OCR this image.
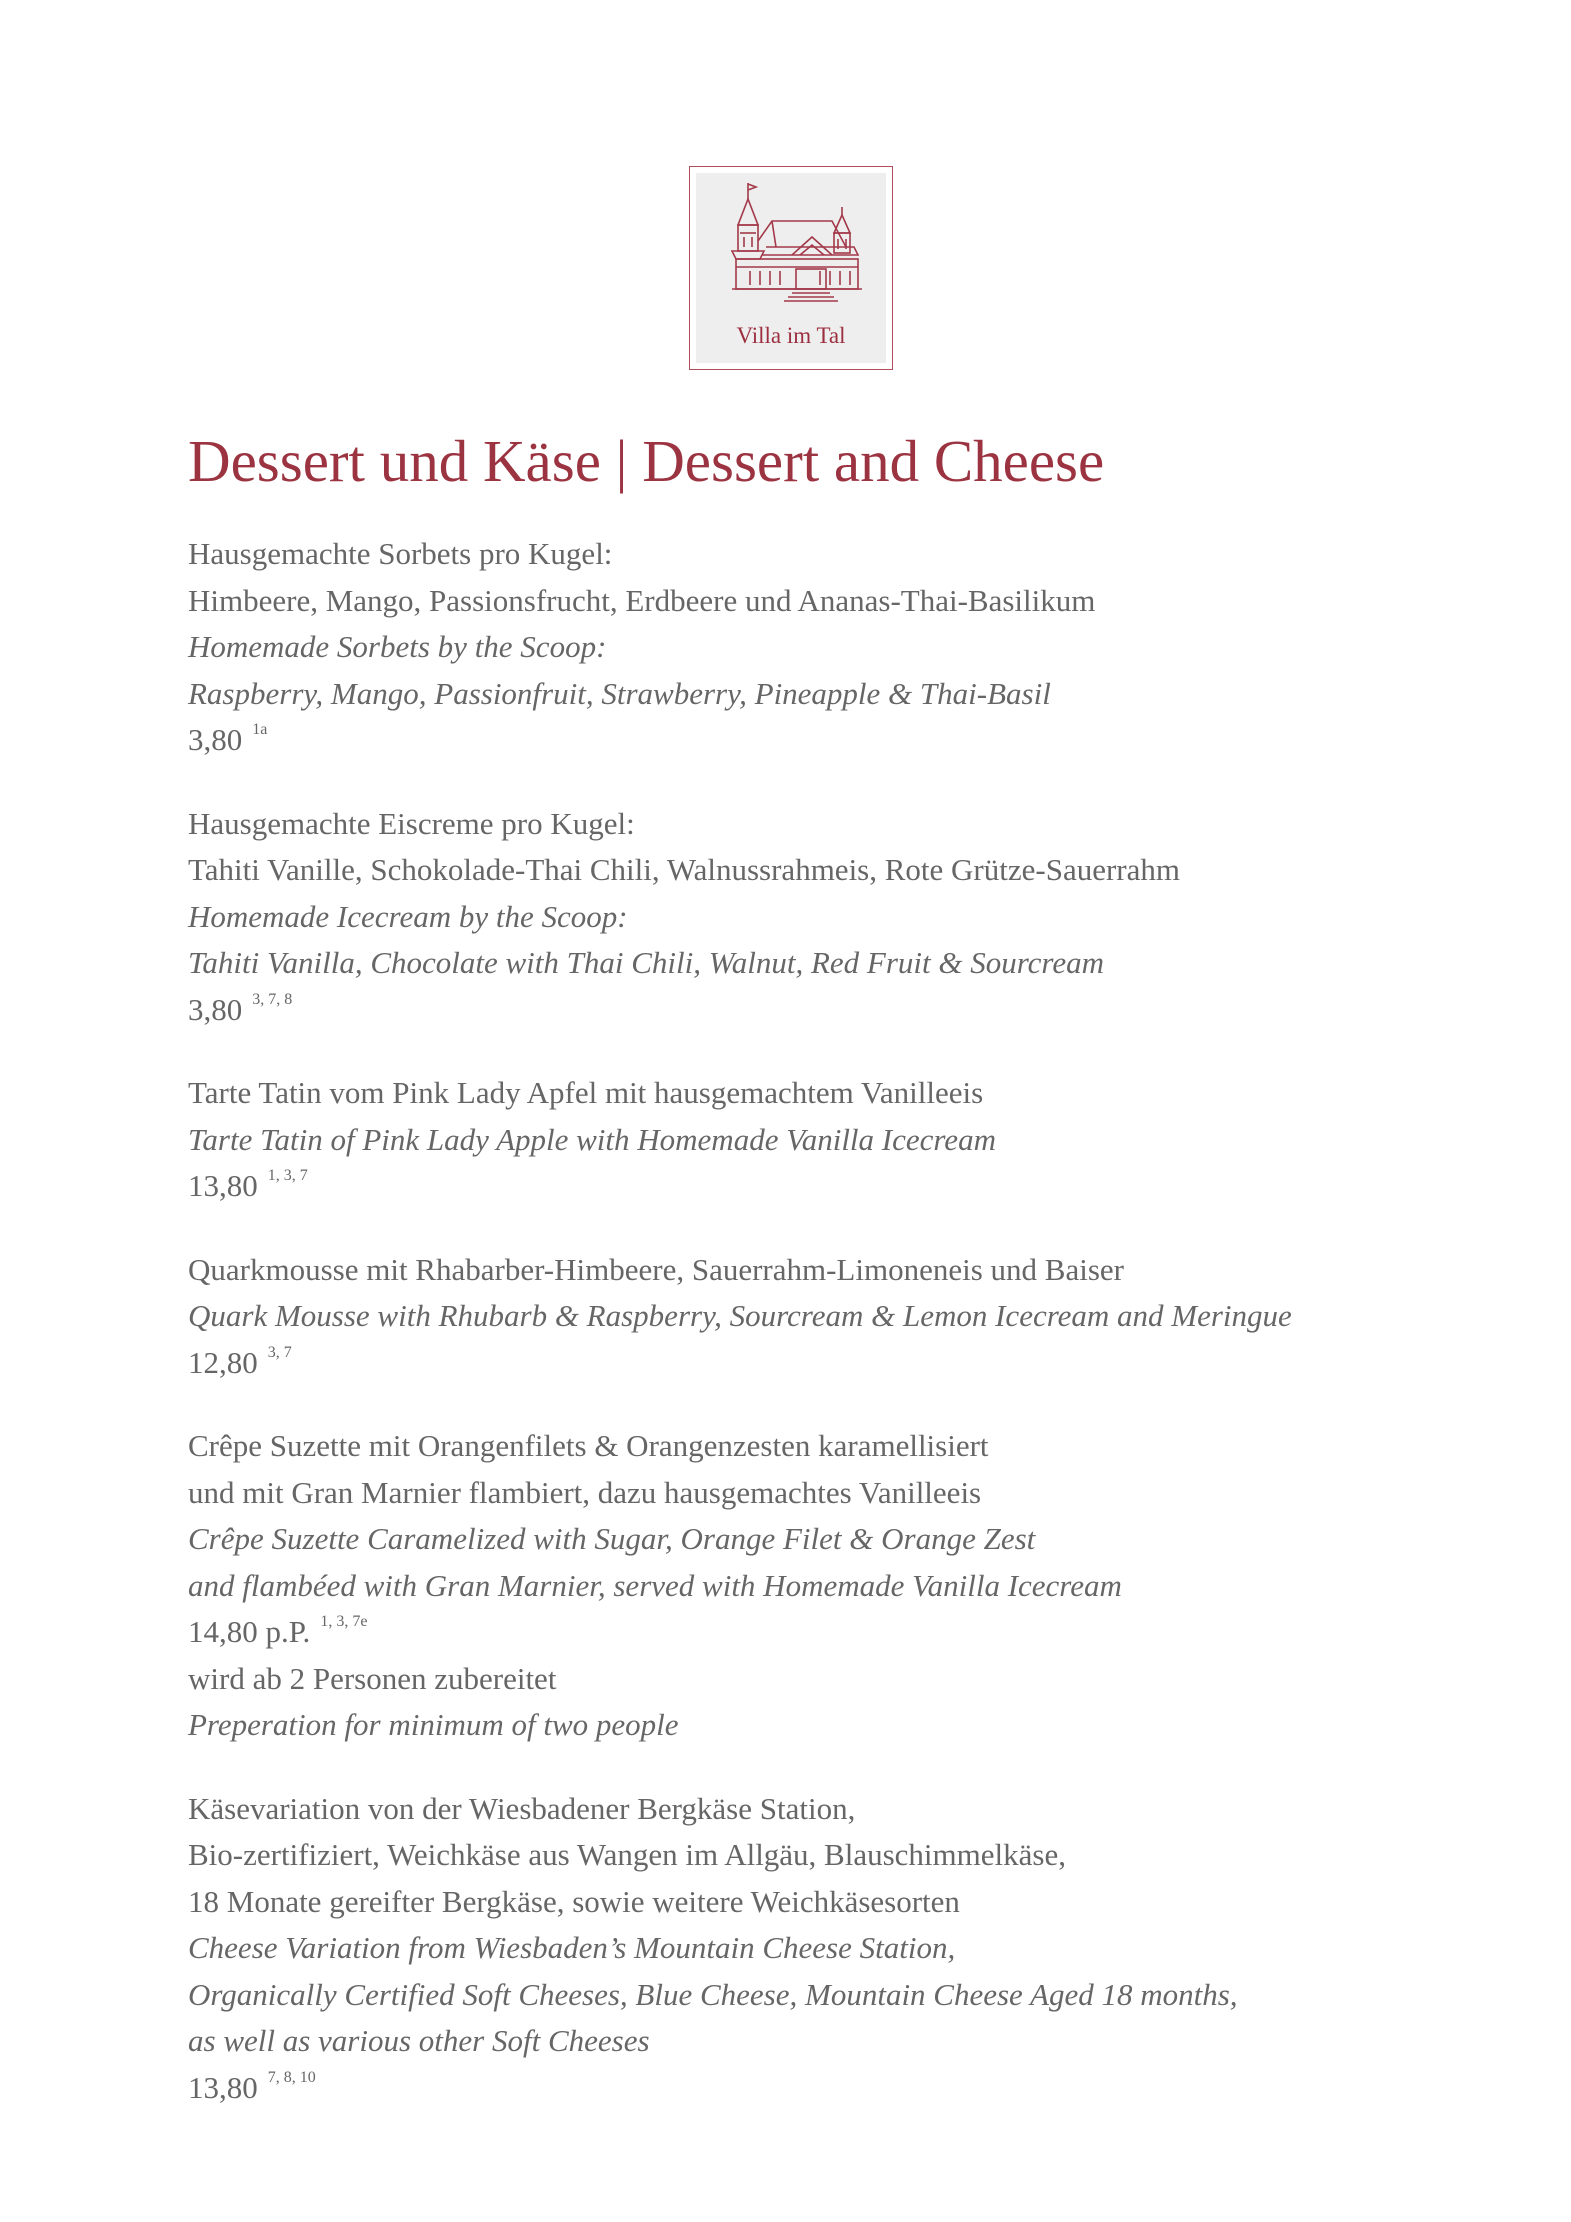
Villa im Tal
Dessert und Käse | Dessert and Cheese
Hausgemachte Sorbets pro Kugel:
Himbeere, Mango, Passionsfrucht, Erdbeere und Ananas-Thai-Basilikum
Homemade Sorbets by the Scoop:
Raspberry, Mango, Passionfruit, Strawberry, Pineapple & Thai-Basil
3,80 $^{1a}$
Hausgemachte Eiscreme pro Kugel:
Tahiti Vanille, Schokolade-Thai Chili, Walnussrahmeis, Rote Grütze-Sauerrahm
Homemade Icecream by the Scoop:
Tahiti Vanilla, Chocolate with Thai Chili, Walnut, Red Fruit & Sourcream
3,80 $^{3, 7, 8}$
Tarte Tatin vom Pink Lady Apfel mit hausgemachtem Vanilleeis
Tarte Tatin of Pink Lady Apple with Homemade Vanilla Icecream
13,80 $^{1, 3, 7}$
Quarkmousse mit Rhabarber-Himbeere, Sauerrahm-Limoneneis und Baiser
Quark Mousse with Rhubarb & Raspberry, Sourcream & Lemon Icecream and Meringue
12,80 $^{3, 7}$
Crêpe Suzette mit Orangenfilets & Orangenzesten karamellisiert
und mit Gran Marnier flambiert, dazu hausgemachtes Vanilleeis
Crêpe Suzette Caramelized with Sugar, Orange Filet & Orange Zest
and flambéed with Gran Marnier, served with Homemade Vanilla Icecream
14,80 p.P. $^{1, 3, 7e}$
wird ab 2 Personen zubereitet
Preperation for minimum of two people
Käsevariation von der Wiesbadener Bergkäse Station,
Bio-zertifiziert, Weichkäse aus Wangen im Allgäu, Blauschimmelkäse,
18 Monate gereifter Bergkäse, sowie weitere Weichkäsesorten
Cheese Variation from Wiesbaden’s Mountain Cheese Station,
Organically Certified Soft Cheeses, Blue Cheese, Mountain Cheese Aged 18 months,
as well as various other Soft Cheeses
13,80 $^{7, 8, 10}$
